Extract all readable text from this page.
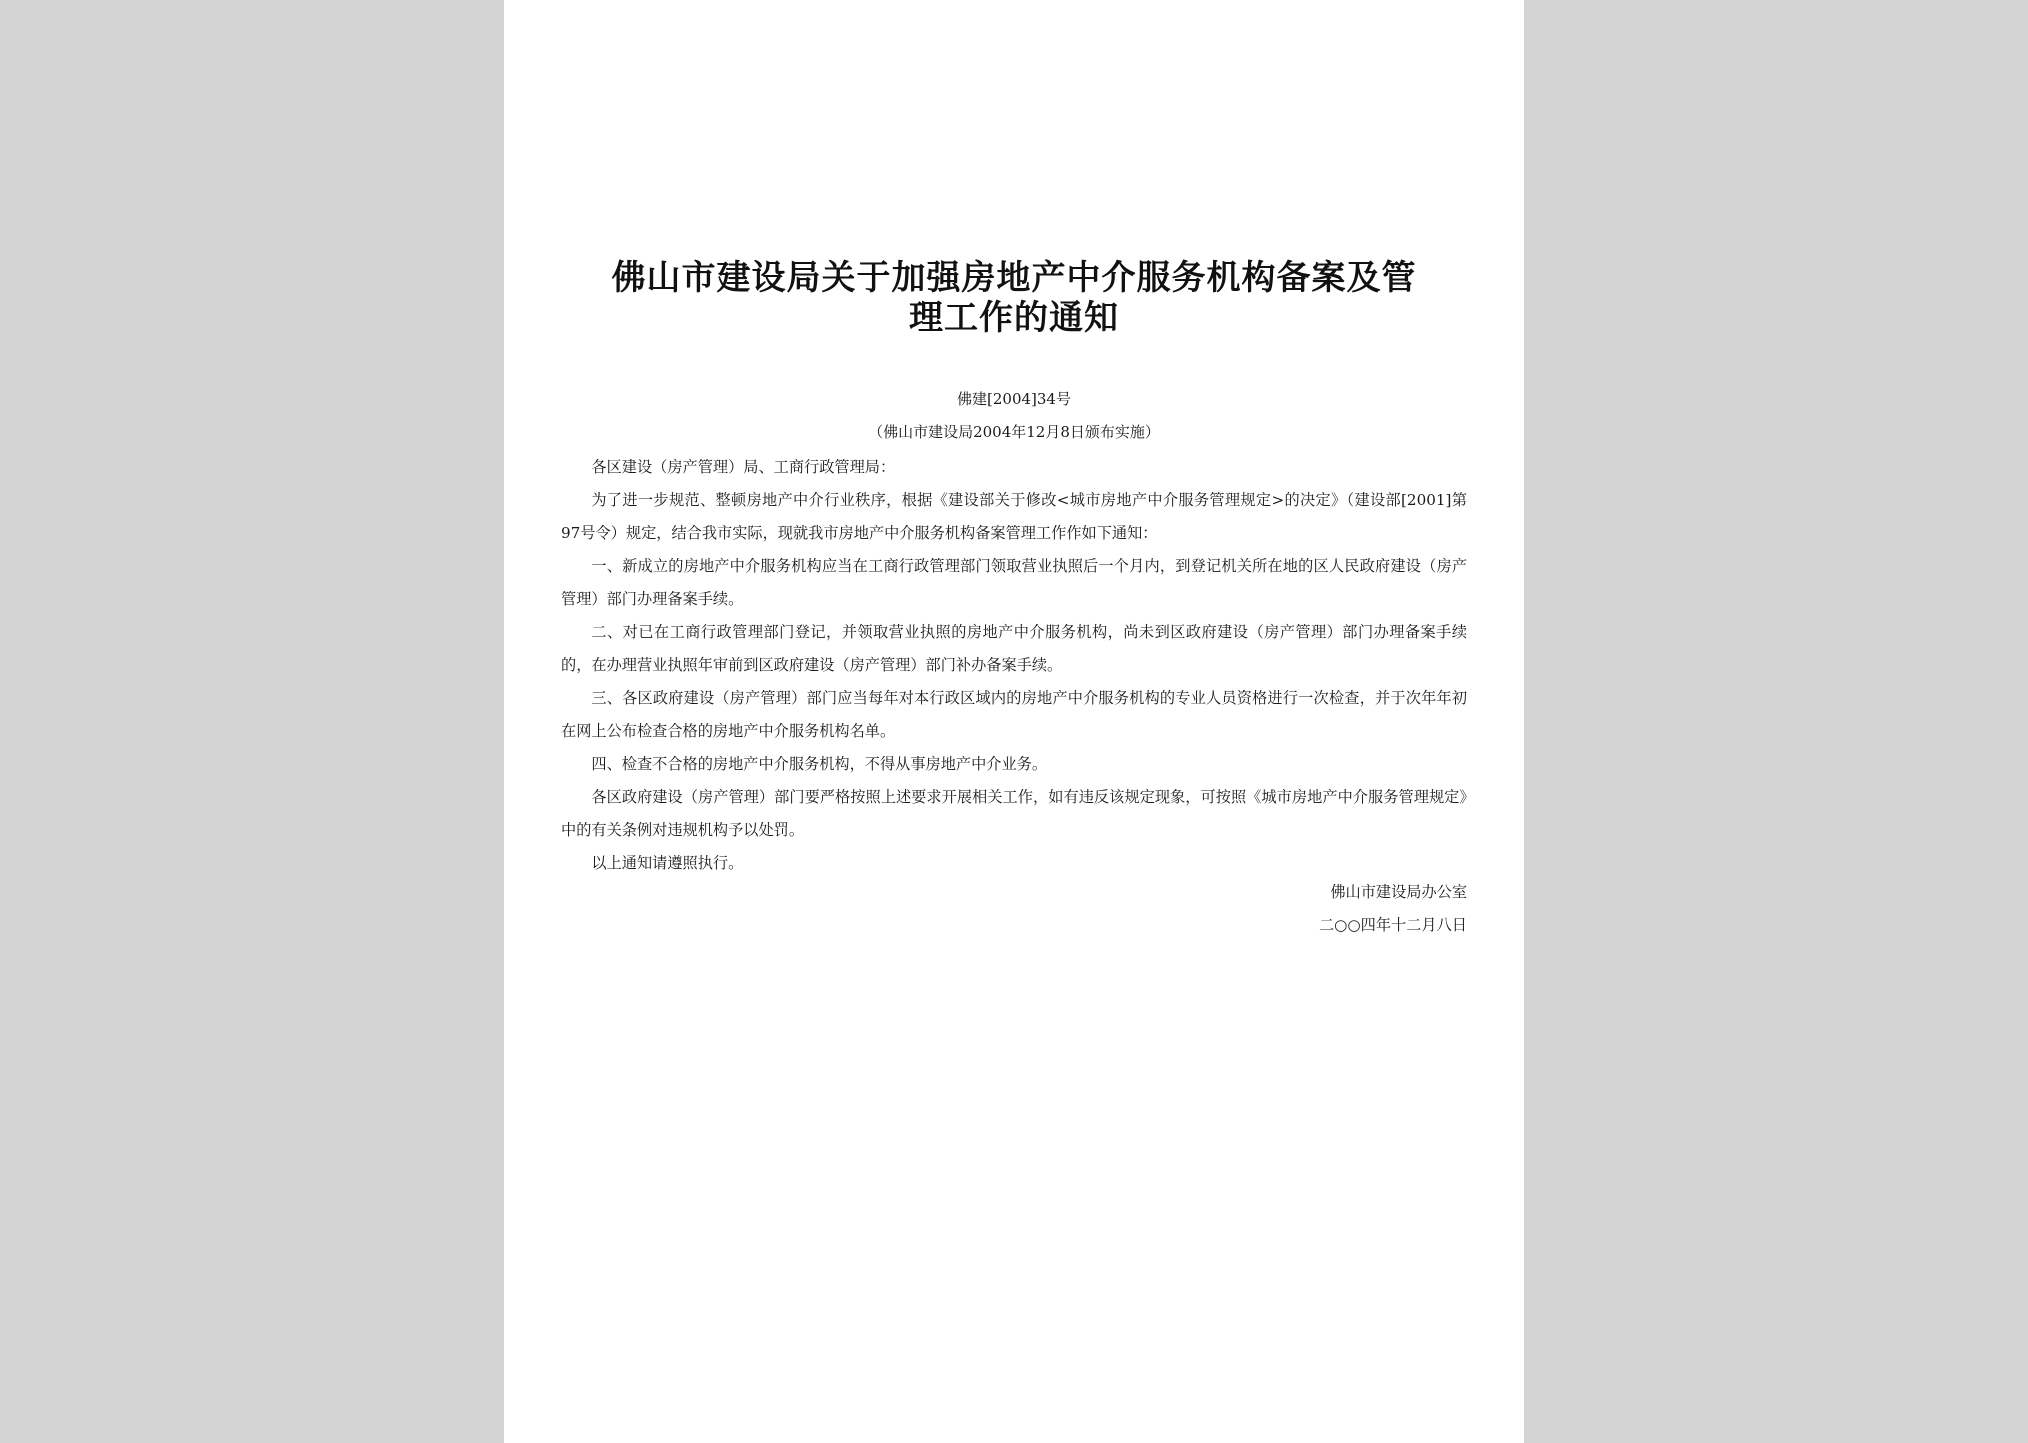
佛山市建设局关于加强房地产中介服务机构备案及管
理工作的通知
佛建[2004]34号
（佛山市建设局2004年12月8日颁布实施）

各区建设（房产管理）局、工商行政管理局：

为了进一步规范、整顿房地产中介行业秩序，根据《建设部关于修改<城市房地产中介服务管理规定>的决定》（建设部[2001]第97号令）规定，结合我市实际，现就我市房地产中介服务机构备案管理工作作如下通知：

一、新成立的房地产中介服务机构应当在工商行政管理部门领取营业执照后一个月内，到登记机关所在地的区人民政府建设（房产管理）部门办理备案手续。

二、对已在工商行政管理部门登记，并领取营业执照的房地产中介服务机构，尚未到区政府建设（房产管理）部门办理备案手续的，在办理营业执照年审前到区政府建设（房产管理）部门补办备案手续。

三、各区政府建设（房产管理）部门应当每年对本行政区域内的房地产中介服务机构的专业人员资格进行一次检查，并于次年年初在网上公布检查合格的房地产中介服务机构名单。

四、检查不合格的房地产中介服务机构，不得从事房地产中介业务。

各区政府建设（房产管理）部门要严格按照上述要求开展相关工作，如有违反该规定现象，可按照《城市房地产中介服务管理规定》中的有关条例对违规机构予以处罚。

以上通知请遵照执行。

佛山市建设局办公室
二○○四年十二月八日
